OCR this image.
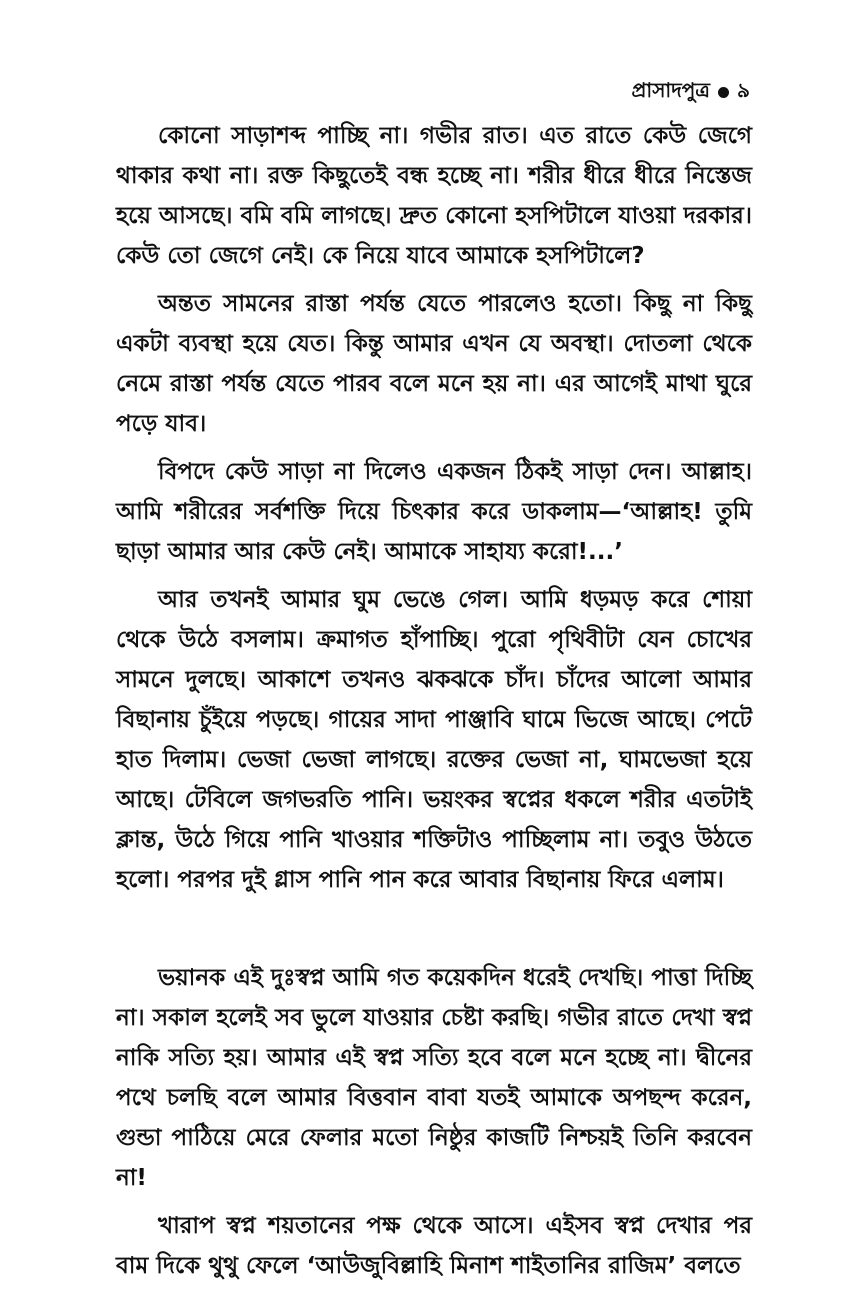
প্রাসাদপুত্র ৯

কোনো সাড়াশব্দ পাচ্ছি না। গভীর রাত। এত রাতে কেউ জেগে থাকার কথা না। রক্ত কিছুতেই বন্ধ হচ্ছে না। শরীর ধীরে ধীরে নিস্তেজ হয়ে আসছে। বমি বমি লাগছে। দ্রুত কোনো হসপিটালে যাওয়া দরকার। কেউ তো জেগে নেই। কে নিয়ে যাবে আমাকে হসপিটালে?

অন্তত সামনের রাস্তা পর্যন্ত যেতে পারলেও হতো। কিছু না কিছু একটা ব্যবস্থা হয়ে যেত। কিন্তু আমার এখন যে অবস্থা। দোতলা থেকে নেমে রাস্তা পর্যন্ত যেতে পারব বলে মনে হয় না। এর আগেই মাথা ঘুরে পড়ে যাব।

বিপদে কেউ সাড়া না দিলেও একজন ঠিকই সাড়া দেন। আল্লাহ। আমি শরীরের সর্বশক্তি দিয়ে চিৎকার করে ডাকলাম—‘আল্লাহ! তুমি ছাড়া আমার আর কেউ নেই। আমাকে সাহায্য করো!...’

আর তখনই আমার ঘুম ভেঙে গেল। আমি ধড়মড় করে শোয়া থেকে উঠে বসলাম। ক্রমাগত হাঁপাচ্ছি। পুরো পৃথিবীটা যেন চোখের সামনে দুলছে। আকাশে তখনও ঝকঝকে চাঁদ। চাঁদের আলো আমার বিছানায় চুঁইয়ে পড়ছে। গায়ের সাদা পাঞ্জাবি ঘামে ভিজে আছে। পেটে হাত দিলাম। ভেজা ভেজা লাগছে। রক্তের ভেজা না, ঘামভেজা হয়ে আছে। টেবিলে জগভরতি পানি। ভয়ংকর স্বপ্নের ধকলে শরীর এতটাই ক্লান্ত, উঠে গিয়ে পানি খাওয়ার শক্তিটাও পাচ্ছিলাম না। তবুও উঠতে হলো। পরপর দুই গ্লাস পানি পান করে আবার বিছানায় ফিরে এলাম।

ভয়ানক এই দুঃস্বপ্ন আমি গত কয়েকদিন ধরেই দেখছি। পাত্তা দিচ্ছি না। সকাল হলেই সব ভুলে যাওয়ার চেষ্টা করছি। গভীর রাতে দেখা স্বপ্ন নাকি সত্যি হয়। আমার এই স্বপ্ন সত্যি হবে বলে মনে হচ্ছে না। দ্বীনের পথে চলছি বলে আমার বিত্তবান বাবা যতই আমাকে অপছন্দ করেন, গুন্ডা পাঠিয়ে মেরে ফেলার মতো নিষ্ঠুর কাজটি নিশ্চয়ই তিনি করবেন না!

খারাপ স্বপ্ন শয়তানের পক্ষ থেকে আসে। এইসব স্বপ্ন দেখার পর বাম দিকে থুথু ফেলে ‘আউজুবিল্লাহি মিনাশ শাইতানির রাজিম’ বলতে
